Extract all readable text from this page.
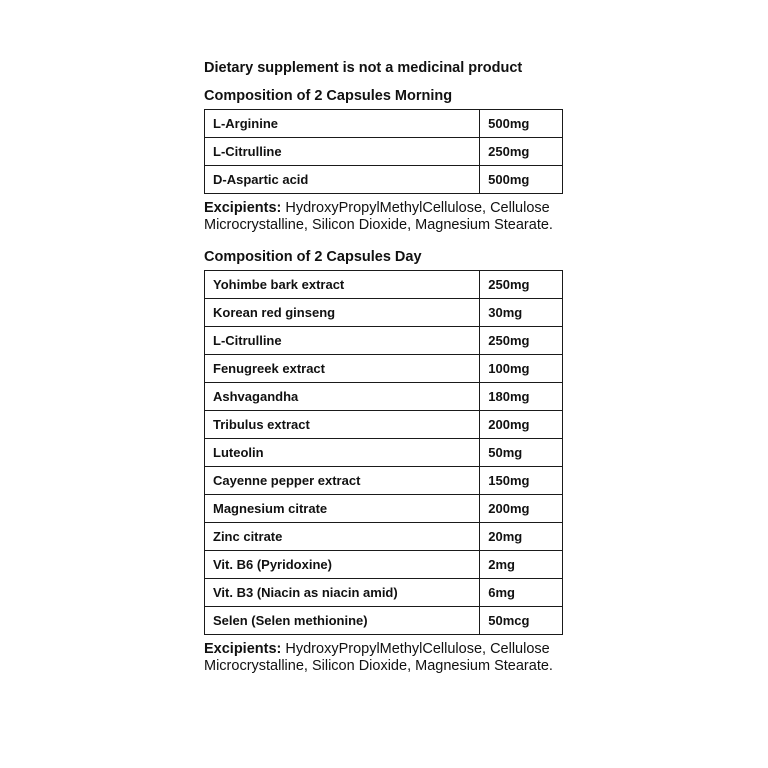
Dietary supplement is not a medicinal product

Composition of 2 Capsules Morning

L-Arginine	500mg
L-Citrulline	250mg
D-Aspartic acid	500mg

Excipients: HydroxyPropylMethylCellulose, Cellulose Microcrystalline, Silicon Dioxide, Magnesium Stearate.

Composition of 2 Capsules Day

Yohimbe bark extract	250mg
Korean red ginseng	30mg
L-Citrulline	250mg
Fenugreek extract	100mg
Ashvagandha	180mg
Tribulus extract	200mg
Luteolin	50mg
Cayenne pepper extract	150mg
Magnesium citrate	200mg
Zinc citrate	20mg
Vit. B6 (Pyridoxine)	2mg
Vit. B3 (Niacin as niacin amid)	6mg
Selen (Selen methionine)	50mcg

Excipients: HydroxyPropylMethylCellulose, Cellulose Microcrystalline, Silicon Dioxide, Magnesium Stearate.
